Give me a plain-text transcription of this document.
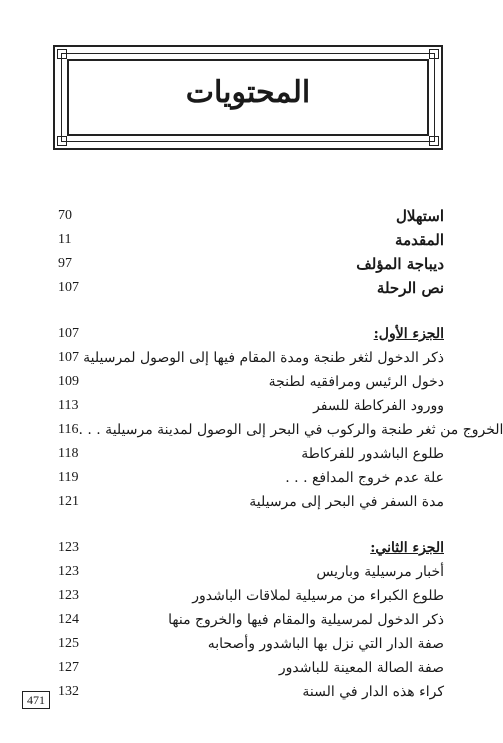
المحتويات
70	استهلال
11	المقدمة
97	ديباجة المؤلف
107	نص الرحلة
107	الجزء الأول:
107 ذكر الدخول لثغر طنجة ومدة المقام فيها إلى الوصول لمرسيلية
109	دخول الرئيس ومرافقيه لطنجة
113	وورود الفركاطة للسفر
116 الخروج من ثغر طنجة والركوب في البحر إلى الوصول لمدينة مرسيلية . . .
118	طلوع الباشدور للفركاطة
119	علة عدم خروج المدافع . . .
121	مدة السفر في البحر إلى مرسيلية
123	الجزء الثاني:
123	أخبار مرسيلية وباريس
123	طلوع الكبراء من مرسيلية لملاقات الباشدور
124	ذكر الدخول لمرسيلية والمقام فيها والخروج منها
125	صفة الدار التي نزل بها الباشدور وأصحابه
127	صفة الصالة المعينة للباشدور
132	كراء هذه الدار في السنة
471
